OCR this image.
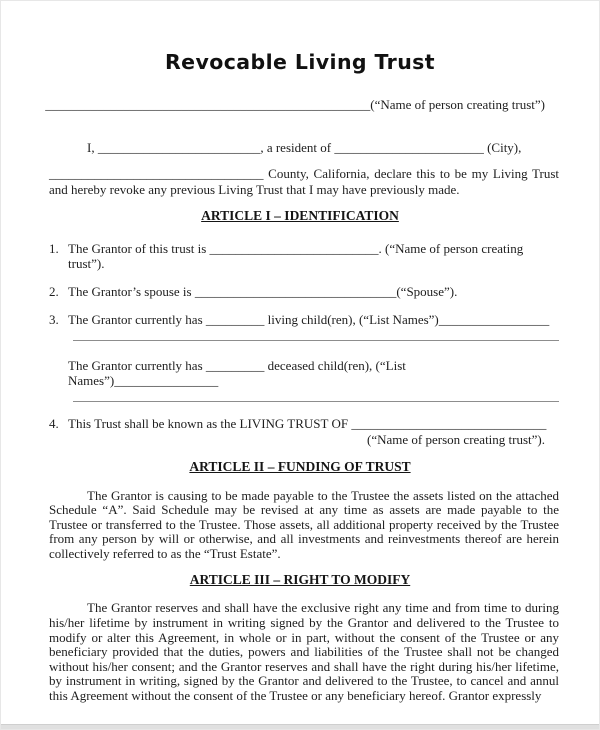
Revocable Living Trust
__________________________________________________(“Name of person creating trust”)

I, _________________________, a resident of _______________________ (City),

_________________________________ County, California, declare this to be my Living Trust and hereby revoke any previous Living Trust that I may have previously made.

ARTICLE I – IDENTIFICATION
1. The Grantor of this trust is __________________________. (“Name of person creating trust”).
2. The Grantor’s spouse is _______________________________(“Spouse”).
3. The Grantor currently has _________ living child(ren), (“List Names”)_________________
The Grantor currently has _________ deceased child(ren), (“List Names”)________________
4. This Trust shall be known as the LIVING TRUST OF ______________________________
(“Name of person creating trust”).
ARTICLE II – FUNDING OF TRUST

The Grantor is causing to be made payable to the Trustee the assets listed on the attached Schedule “A”. Said Schedule may be revised at any time as assets are made payable to the Trustee or transferred to the Trustee. Those assets, all additional property received by the Trustee from any person by will or otherwise, and all investments and reinvestments thereof are herein collectively referred to as the “Trust Estate”.

ARTICLE III – RIGHT TO MODIFY

The Grantor reserves and shall have the exclusive right any time and from time to during his/her lifetime by instrument in writing signed by the Grantor and delivered to the Trustee to modify or alter this Agreement, in whole or in part, without the consent of the Trustee or any beneficiary provided that the duties, powers and liabilities of the Trustee shall not be changed without his/her consent; and the Grantor reserves and shall have the right during his/her lifetime, by instrument in writing, signed by the Grantor and delivered to the Trustee, to cancel and annul this Agreement without the consent of the Trustee or any beneficiary hereof. Grantor expressly
